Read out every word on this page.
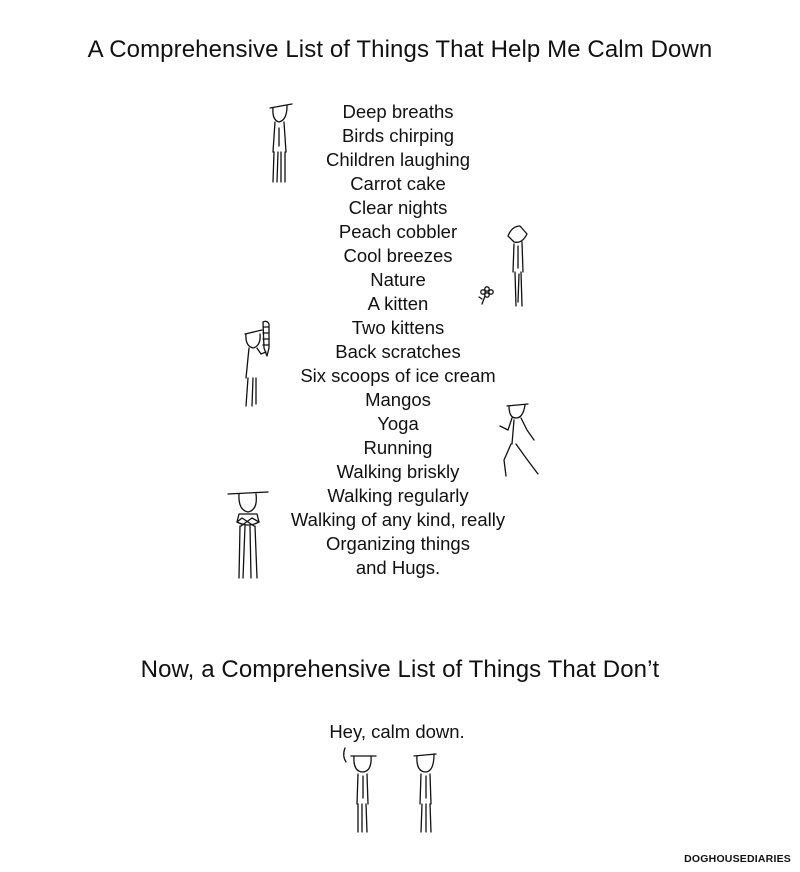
A Comprehensive List of Things That Help Me Calm Down
Deep breaths
Birds chirping
Children laughing
Carrot cake
Clear nights
Peach cobbler
Cool breezes
Nature
A kitten
Two kittens
Back scratches
Six scoops of ice cream
Mangos
Yoga
Running
Walking briskly
Walking regularly
Walking of any kind, really
Organizing things
and Hugs.
Now, a Comprehensive List of Things That Don’t
Hey, calm down.
DOGHOUSEDIARIES
